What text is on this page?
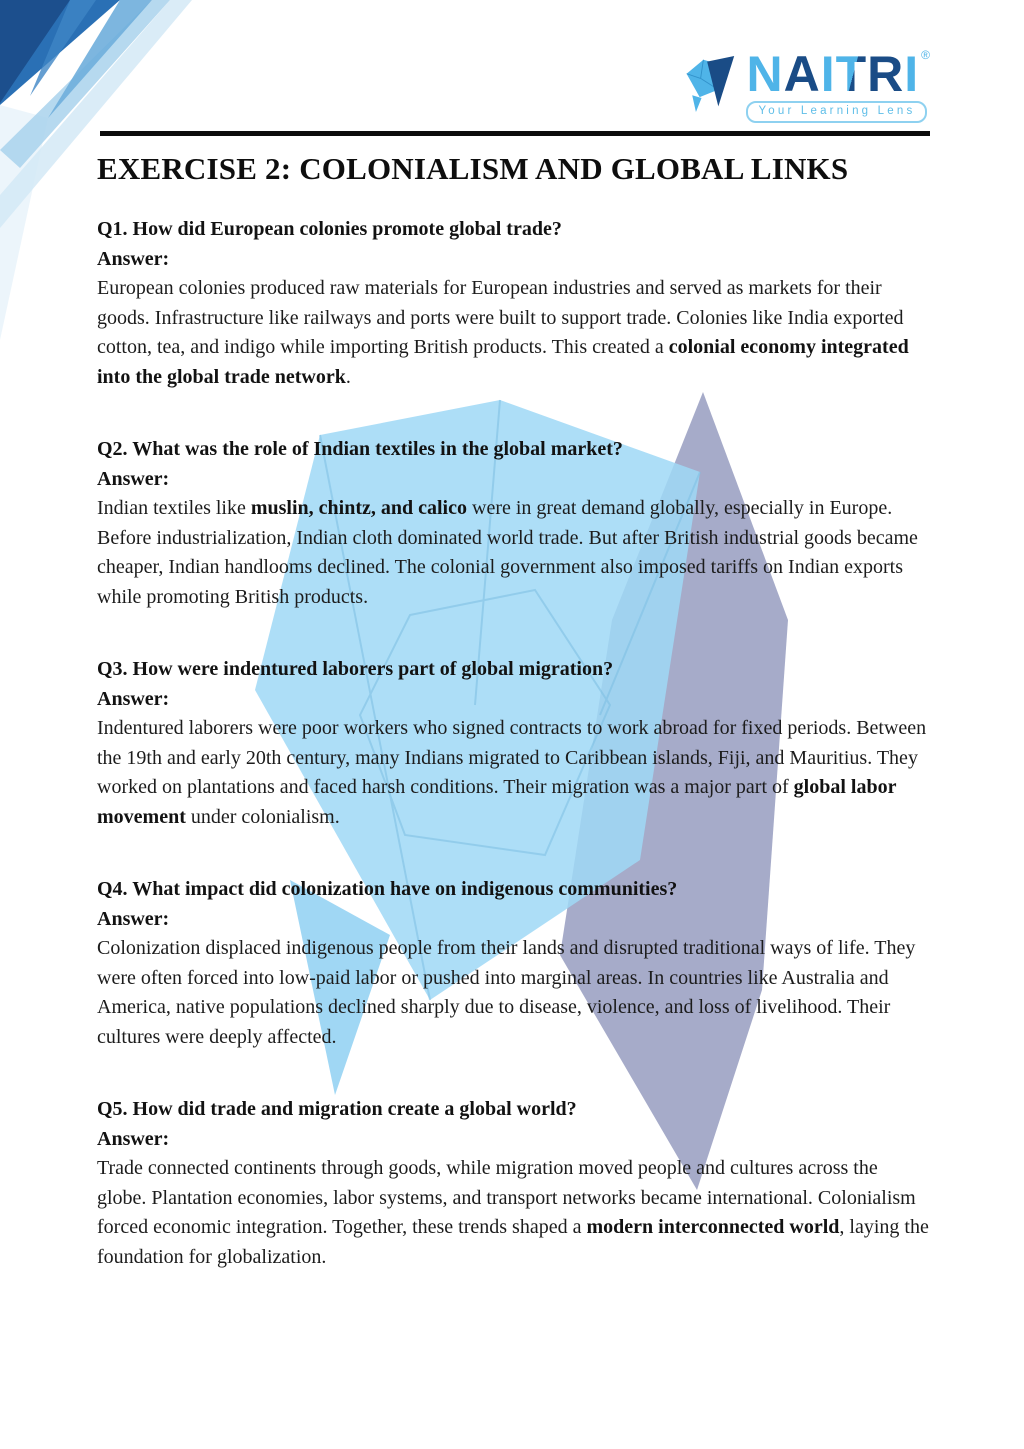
NAITRI ®
Your Learning Lens
EXERCISE 2: COLONIALISM AND GLOBAL LINKS
Q1. How did European colonies promote global trade?
Answer:

European colonies produced raw materials for European industries and served as markets for their goods. Infrastructure like railways and ports were built to support trade. Colonies like India exported cotton, tea, and indigo while importing British products. This created a colonial economy integrated into the global trade network.

Q2. What was the role of Indian textiles in the global market?
Answer:

Indian textiles like muslin, chintz, and calico were in great demand globally, especially in Europe. Before industrialization, Indian cloth dominated world trade. But after British industrial goods became cheaper, Indian handlooms declined. The colonial government also imposed tariffs on Indian exports while promoting British products.

Q3. How were indentured laborers part of global migration?
Answer:

Indentured laborers were poor workers who signed contracts to work abroad for fixed periods. Between the 19th and early 20th century, many Indians migrated to Caribbean islands, Fiji, and Mauritius. They worked on plantations and faced harsh conditions. Their migration was a major part of global labor movement under colonialism.

Q4. What impact did colonization have on indigenous communities?
Answer:

Colonization displaced indigenous people from their lands and disrupted traditional ways of life. They were often forced into low-paid labor or pushed into marginal areas. In countries like Australia and America, native populations declined sharply due to disease, violence, and loss of livelihood. Their cultures were deeply affected.

Q5. How did trade and migration create a global world?
Answer:

Trade connected continents through goods, while migration moved people and cultures across the globe. Plantation economies, labor systems, and transport networks became international. Colonialism forced economic integration. Together, these trends shaped a modern interconnected world, laying the foundation for globalization.
